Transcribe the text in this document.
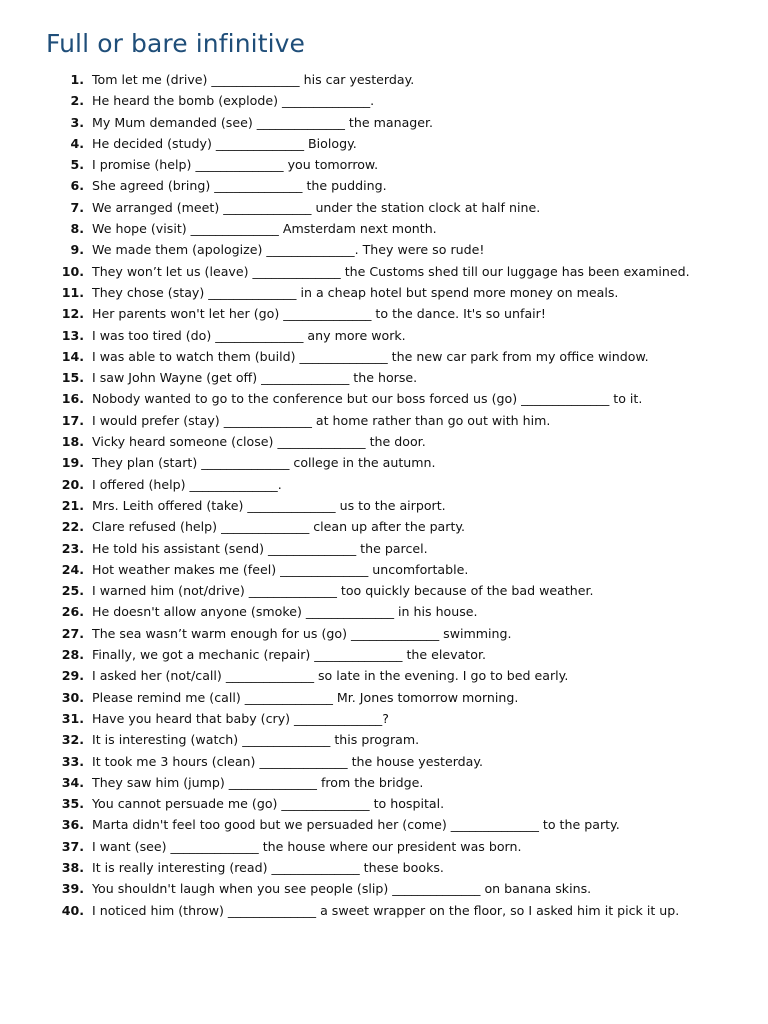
Full or bare infinitive
1. Tom let me (drive) ______________ his car yesterday.
2. He heard the bomb (explode) ______________.
3. My Mum demanded (see) ______________ the manager.
4. He decided (study) ______________ Biology.
5. I promise (help) ______________ you tomorrow.
6. She agreed (bring) ______________ the pudding.
7. We arranged (meet) ______________ under the station clock at half nine.
8. We hope (visit) ______________ Amsterdam next month.
9. We made them (apologize) ______________. They were so rude!
10. They won’t let us (leave) ______________ the Customs shed till our luggage has been examined.
11. They chose (stay) ______________ in a cheap hotel but spend more money on meals.
12. Her parents won't let her (go) ______________ to the dance. It's so unfair!
13. I was too tired (do) ______________ any more work.
14. I was able to watch them (build) ______________ the new car park from my office window.
15. I saw John Wayne (get off) ______________ the horse.
16. Nobody wanted to go to the conference but our boss forced us (go) ______________ to it.
17. I would prefer (stay) ______________ at home rather than go out with him.
18. Vicky heard someone (close) ______________ the door.
19. They plan (start) ______________ college in the autumn.
20. I offered (help) ______________.
21. Mrs. Leith offered (take) ______________ us to the airport.
22. Clare refused (help) ______________ clean up after the party.
23. He told his assistant (send) ______________ the parcel.
24. Hot weather makes me (feel) ______________ uncomfortable.
25. I warned him (not/drive) ______________ too quickly because of the bad weather.
26. He doesn't allow anyone (smoke) ______________ in his house.
27. The sea wasn’t warm enough for us (go) ______________ swimming.
28. Finally, we got a mechanic (repair) ______________ the elevator.
29. I asked her (not/call) ______________ so late in the evening. I go to bed early.
30. Please remind me (call) ______________ Mr. Jones tomorrow morning.
31. Have you heard that baby (cry) ______________?
32. It is interesting (watch) ______________ this program.
33. It took me 3 hours (clean) ______________ the house yesterday.
34. They saw him (jump) ______________ from the bridge.
35. You cannot persuade me (go) ______________ to hospital.
36. Marta didn't feel too good but we persuaded her (come) ______________ to the party.
37. I want (see) ______________ the house where our president was born.
38. It is really interesting (read) ______________ these books.
39. You shouldn't laugh when you see people (slip) ______________ on banana skins.
40. I noticed him (throw) ______________ a sweet wrapper on the floor, so I asked him it pick it up.
